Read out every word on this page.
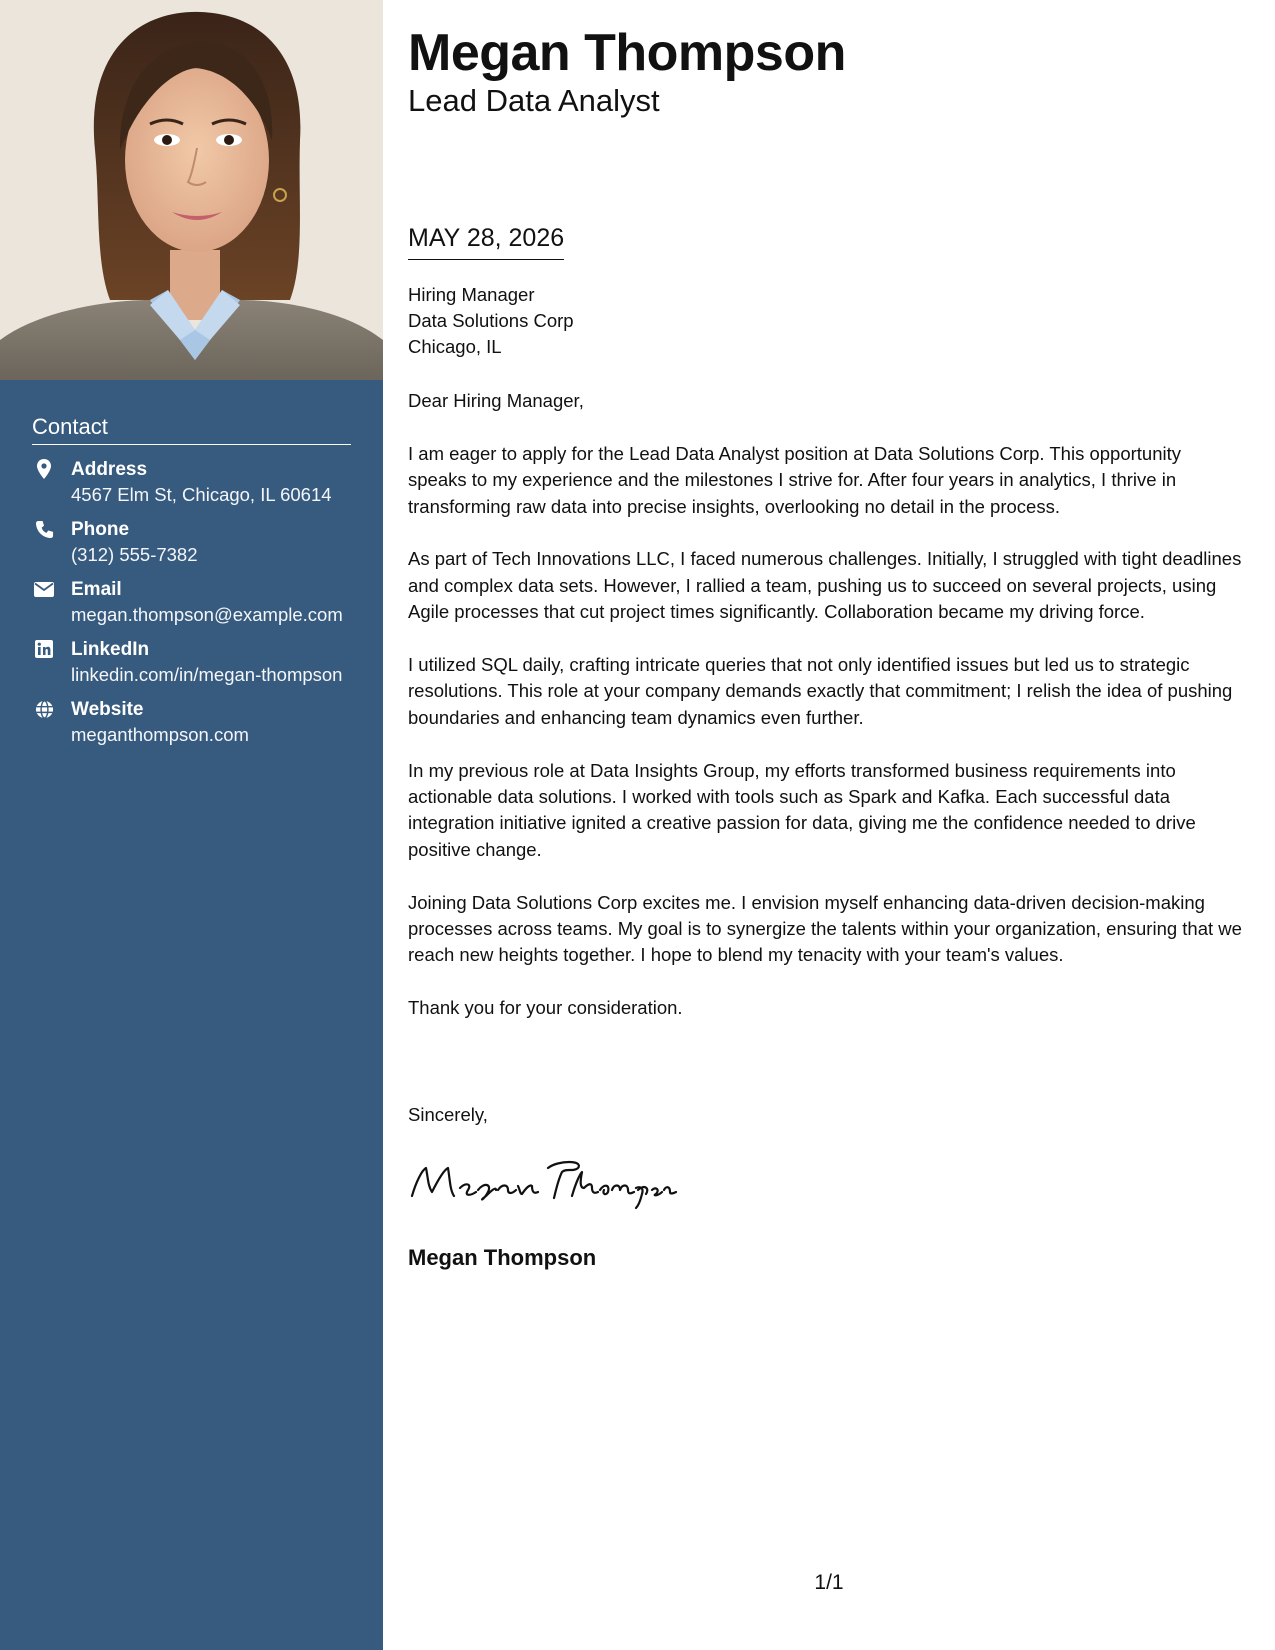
Contact
Address
4567 Elm St, Chicago, IL 60614
Phone
(312) 555-7382
Email
megan.thompson@example.com
LinkedIn
linkedin.com/in/megan-thompson
Website
meganthompson.com
Megan Thompson
Lead Data Analyst
MAY 28, 2026
Hiring Manager
Data Solutions Corp
Chicago, IL

Dear Hiring Manager,

I am eager to apply for the Lead Data Analyst position at Data Solutions Corp. This opportunity speaks to my experience and the milestones I strive for. After four years in analytics, I thrive in transforming raw data into precise insights, overlooking no detail in the process.

As part of Tech Innovations LLC, I faced numerous challenges. Initially, I struggled with tight deadlines and complex data sets. However, I rallied a team, pushing us to succeed on several projects, using Agile processes that cut project times significantly. Collaboration became my driving force.

I utilized SQL daily, crafting intricate queries that not only identified issues but led us to strategic resolutions. This role at your company demands exactly that commitment; I relish the idea of pushing boundaries and enhancing team dynamics even further.

In my previous role at Data Insights Group, my efforts transformed business requirements into actionable data solutions. I worked with tools such as Spark and Kafka. Each successful data integration initiative ignited a creative passion for data, giving me the confidence needed to drive positive change.

Joining Data Solutions Corp excites me. I envision myself enhancing data-driven decision-making processes across teams. My goal is to synergize the talents within your organization, ensuring that we reach new heights together. I hope to blend my tenacity with your team's values.

Thank you for your consideration.

Sincerely,
Megan Thompson
1/1
